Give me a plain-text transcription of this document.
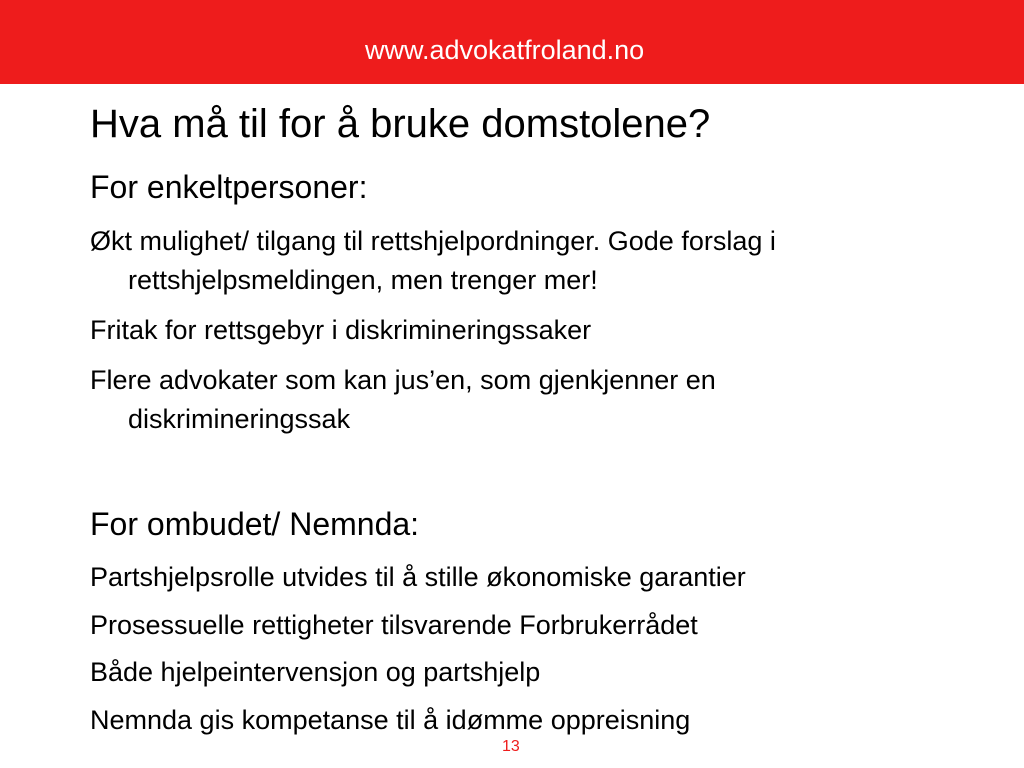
www.advokatfroland.no
Hva må til for å bruke domstolene?
For enkeltpersoner:
Økt mulighet/ tilgang til rettshjelpordninger. Gode forslag i
rettshjelpsmeldingen, men trenger mer!
Fritak for rettsgebyr i diskrimineringssaker
Flere advokater som kan jus’en, som gjenkjenner en
diskrimineringssak
For ombudet/ Nemnda:
Partshjelpsrolle utvides til å stille økonomiske garantier
Prosessuelle rettigheter tilsvarende Forbrukerrådet
Både hjelpeintervensjon og partshjelp
Nemnda gis kompetanse til å idømme oppreisning
13
